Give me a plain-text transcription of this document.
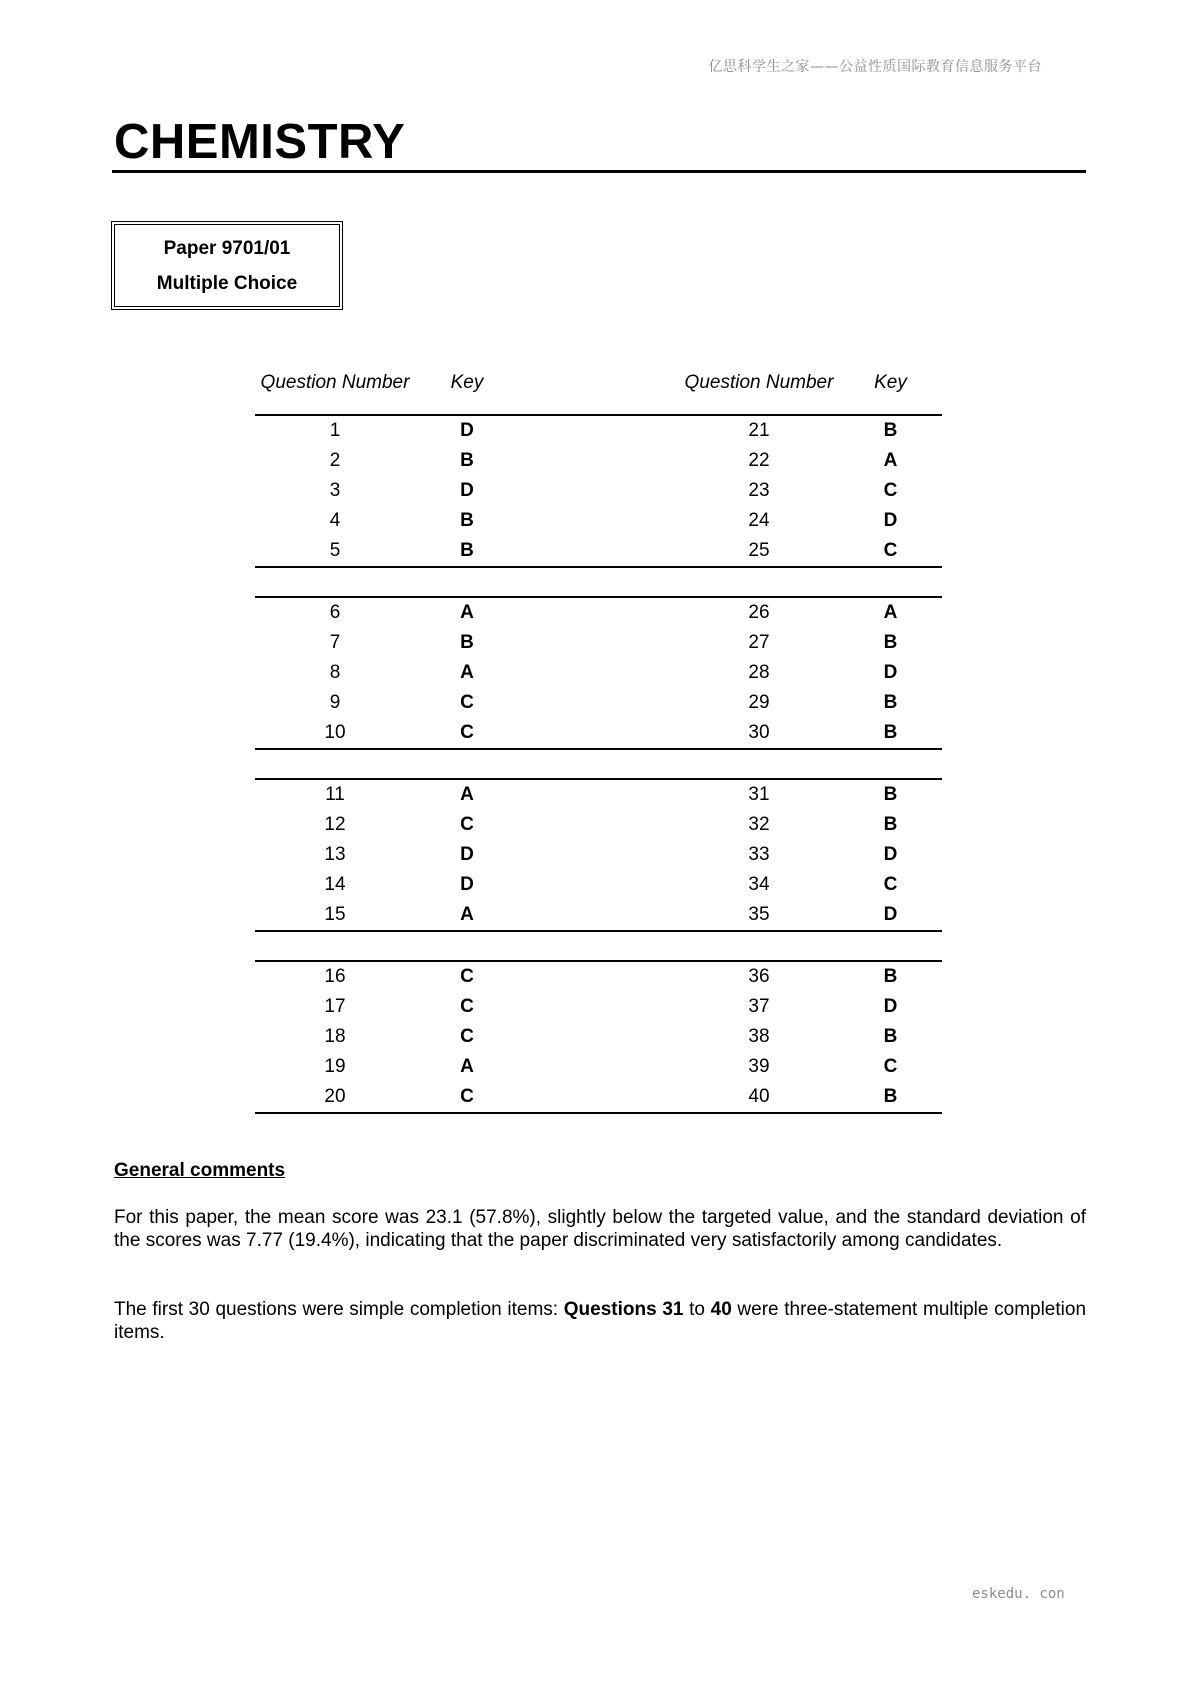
亿思科学生之家——公益性质国际教育信息服务平台
CHEMISTRY
Paper 9701/01
Multiple Choice
Question Number	Key		Question Number	Key
1	D		21	B
2	B		22	A
3	D		23	C
4	B		24	D
5	B		25	C

6	A		26	A
7	B		27	B
8	A		28	D
9	C		29	B
10	C		30	B

11	A		31	B
12	C		32	B
13	D		33	D
14	D		34	C
15	A		35	D

16	C		36	B
17	C		37	D
18	C		38	B
19	A		39	C
20	C		40	B
General comments
For this paper, the mean score was 23.1 (57.8%), slightly below the targeted value, and the standard deviation of the scores was 7.77 (19.4%), indicating that the paper discriminated very satisfactorily among candidates.
The first 30 questions were simple completion items: Questions 31 to 40 were three-statement multiple completion items.
eskedu. con
